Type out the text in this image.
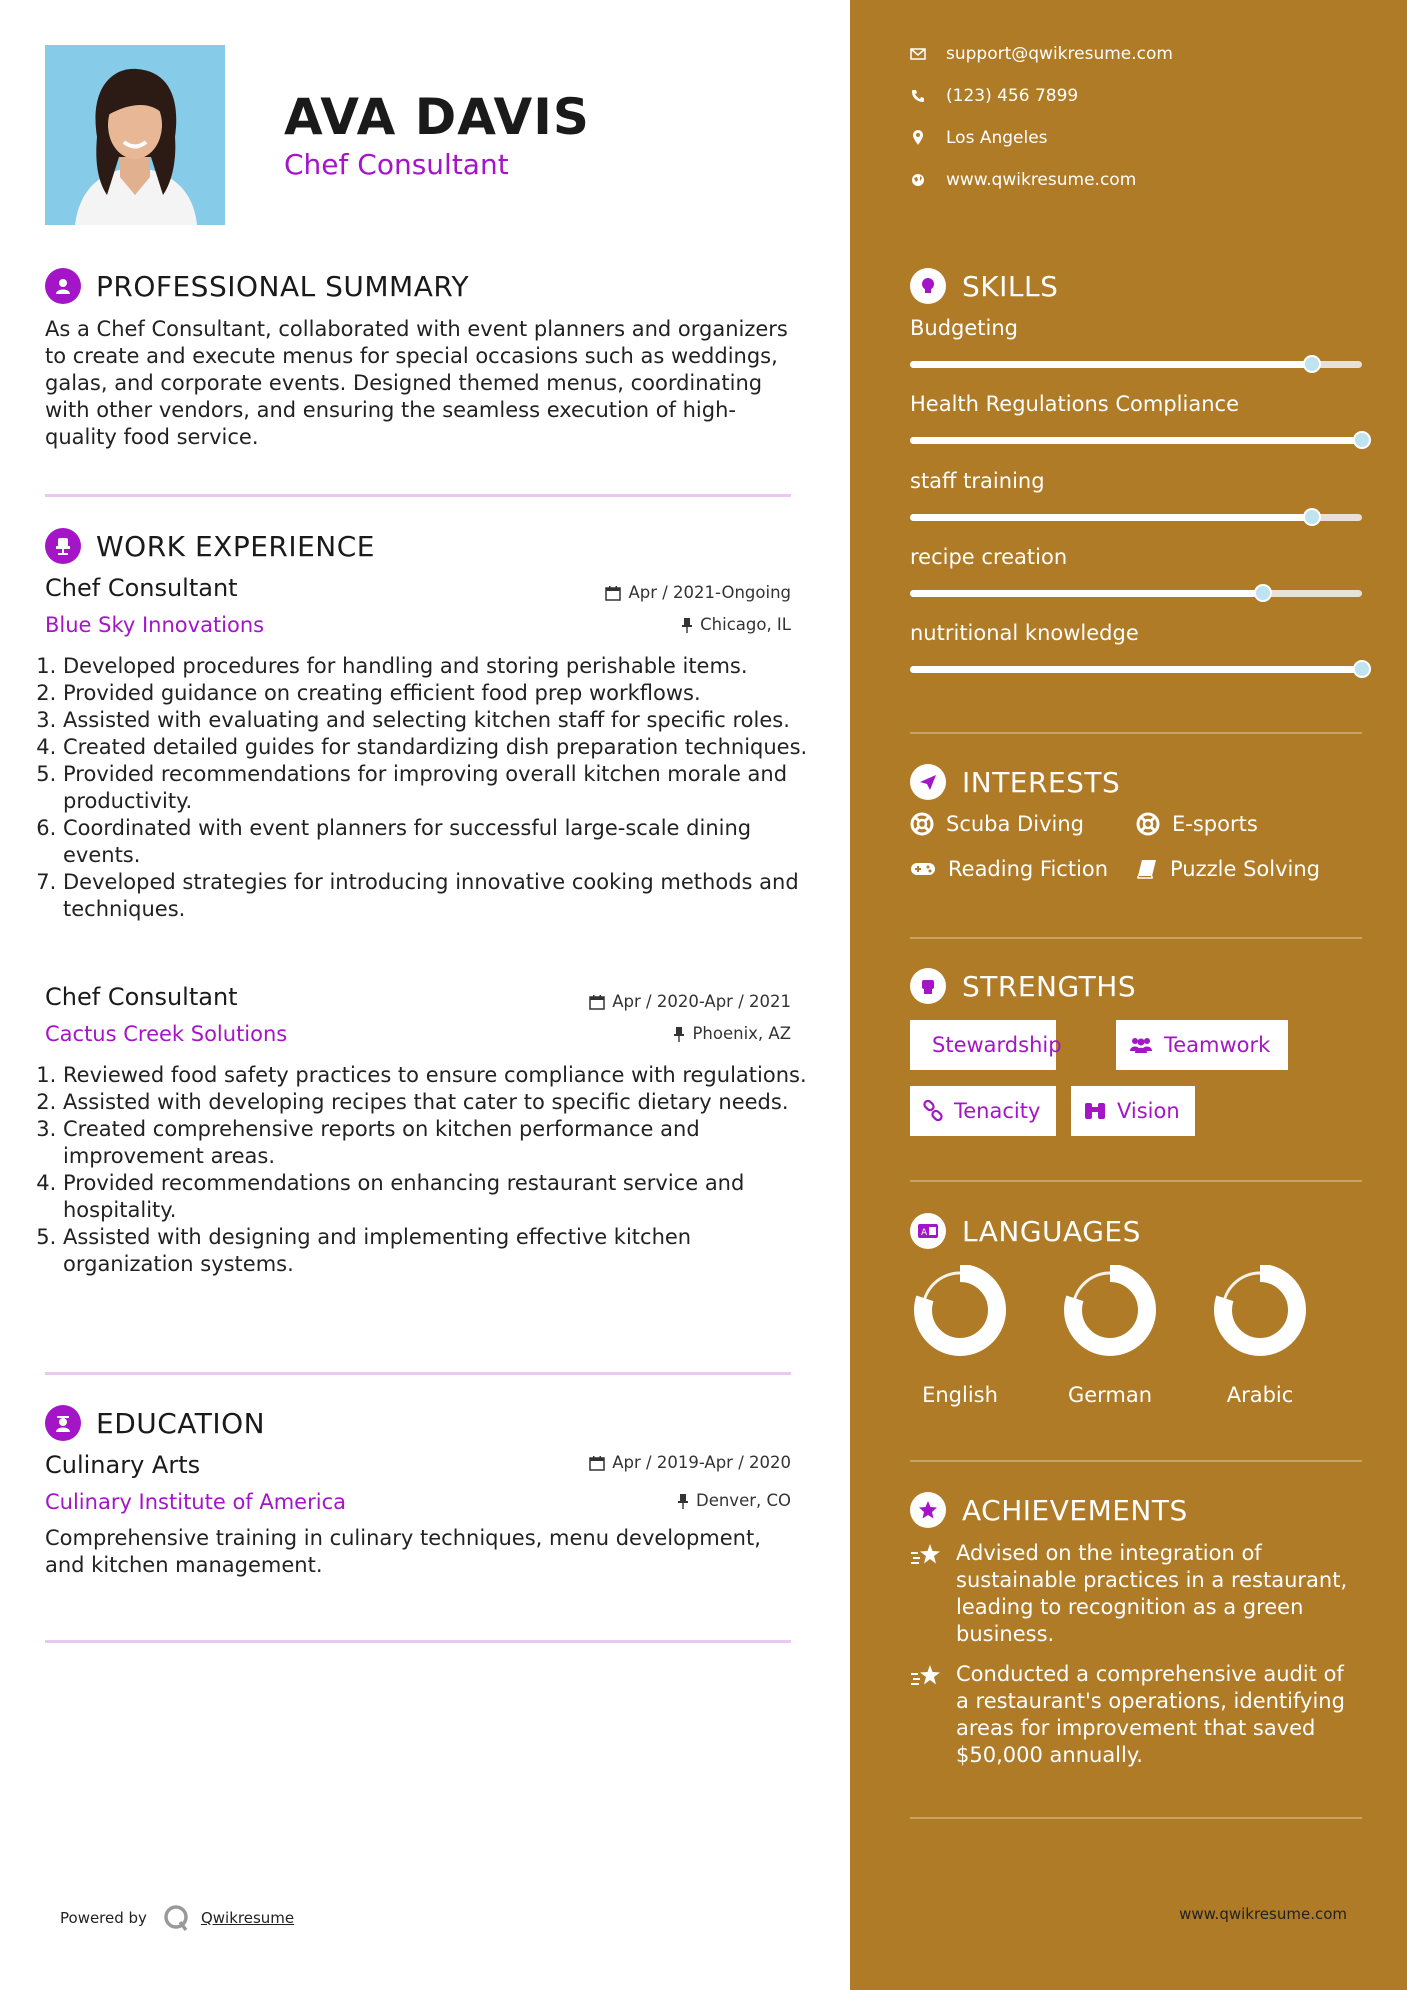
AVA DAVIS
Chef Consultant
PROFESSIONAL SUMMARY
As a Chef Consultant, collaborated with event planners and organizers to create and execute menus for special occasions such as weddings, galas, and corporate events. Designed themed menus, coordinating with other vendors, and ensuring the seamless execution of high-quality food service.
WORK EXPERIENCE
Chef Consultant	Apr / 2021-Ongoing
Blue Sky Innovations	Chicago, IL
1. Developed procedures for handling and storing perishable items.
2. Provided guidance on creating efficient food prep workflows.
3. Assisted with evaluating and selecting kitchen staff for specific roles.
4. Created detailed guides for standardizing dish preparation techniques.
5. Provided recommendations for improving overall kitchen morale and productivity.
6. Coordinated with event planners for successful large-scale dining events.
7. Developed strategies for introducing innovative cooking methods and techniques.
Chef Consultant	Apr / 2020-Apr / 2021
Cactus Creek Solutions	Phoenix, AZ
1. Reviewed food safety practices to ensure compliance with regulations.
2. Assisted with developing recipes that cater to specific dietary needs.
3. Created comprehensive reports on kitchen performance and improvement areas.
4. Provided recommendations on enhancing restaurant service and hospitality.
5. Assisted with designing and implementing effective kitchen organization systems.
EDUCATION
Culinary Arts	Apr / 2019-Apr / 2020
Culinary Institute of America	Denver, CO
Comprehensive training in culinary techniques, menu development, and kitchen management.
Powered by	Qwikresume
support@qwikresume.com
(123) 456 7899
Los Angeles
www.qwikresume.com
SKILLS
Budgeting
Health Regulations Compliance
staff training
recipe creation
nutritional knowledge
INTERESTS
Scuba Diving	E-sports
Reading Fiction	Puzzle Solving
STRENGTHS
Stewardship	Teamwork
Tenacity	Vision
A LANGUAGES
English	German	Arabic
ACHIEVEMENTS
Advised on the integration of sustainable practices in a restaurant, leading to recognition as a green business.
Conducted a comprehensive audit of a restaurant's operations, identifying areas for improvement that saved $50,000 annually.
www.qwikresume.com
